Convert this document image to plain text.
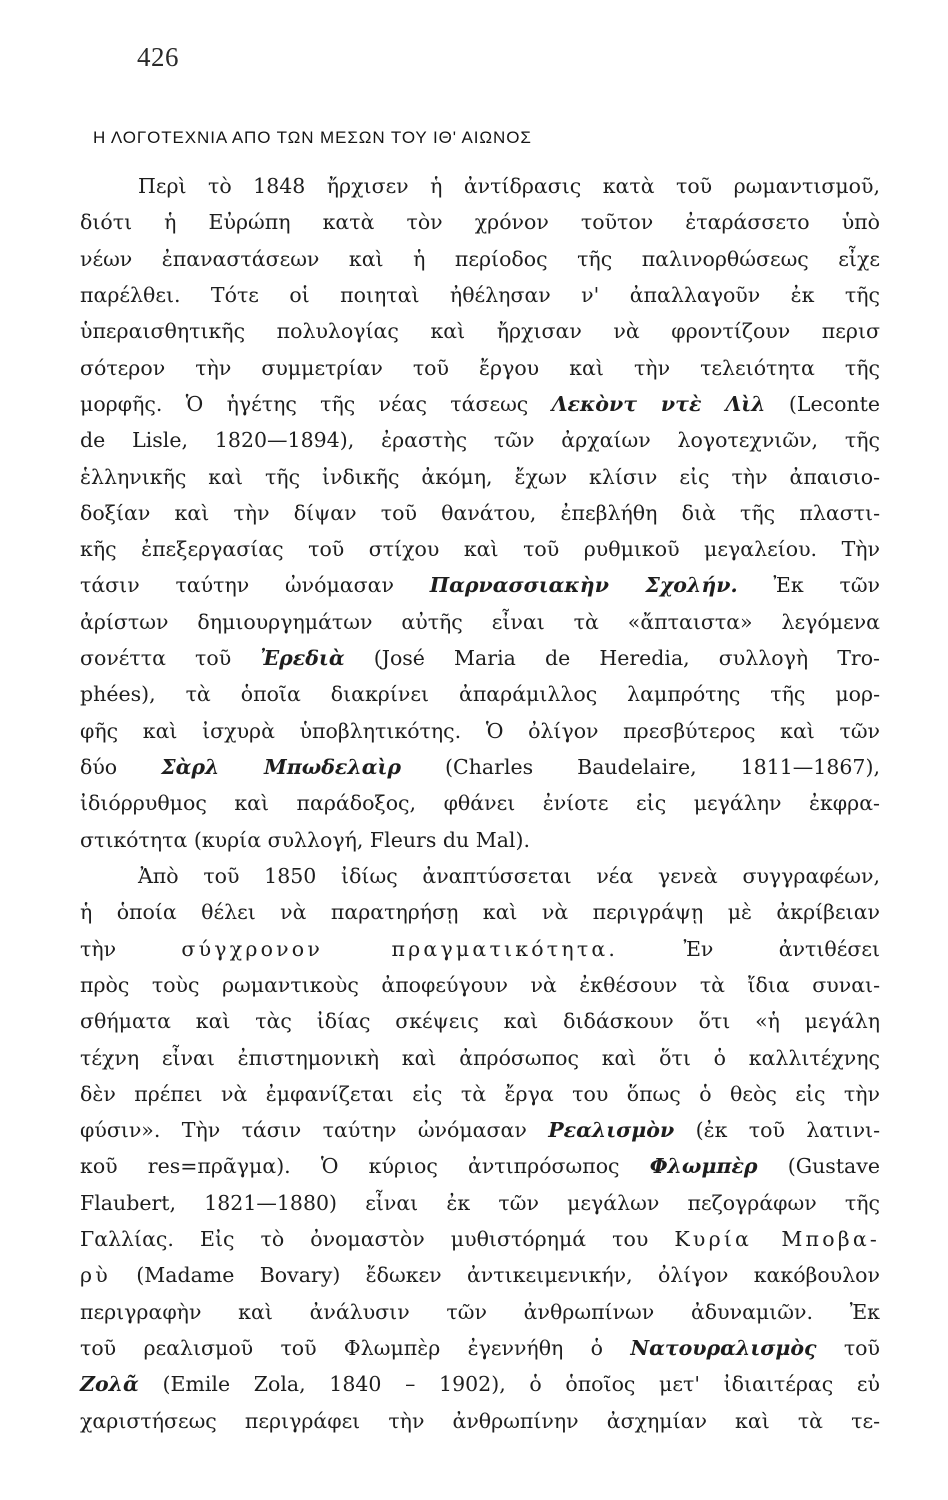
426
Η ΛΟΓΟΤΕΧΝΙΑ ΑΠΟ ΤΩΝ ΜΕΣΩΝ ΤΟΥ ΙΘ' ΑΙΩΝΟΣ
Περὶ τὸ 1848 ἤρχισεν ἡ ἀντίδρασις κατὰ τοῦ ρωμαντισμοῦ,
διότι ἡ Εὐρώπη κατὰ τὸν χρόνον τοῦτον ἐταράσσετο ὑπὸ
νέων ἐπαναστάσεων καὶ ἡ περίοδος τῆς παλινορθώσεως εἶχε
παρέλθει. Τότε οἱ ποιηταὶ ἠθέλησαν ν' ἀπαλλαγοῦν ἐκ τῆς
ὑπεραισθητικῆς πολυλογίας καὶ ἤρχισαν νὰ φροντίζουν περισ
σότερον τὴν συμμετρίαν τοῦ ἔργου καὶ τὴν τελειότητα τῆς
μορφῆς. Ὁ ἡγέτης τῆς νέας τάσεως Λεκὸντ ντὲ Λὶλ (Leconte
de Lisle, 1820—1894), ἐραστὴς τῶν ἀρχαίων λογοτεχνιῶν, τῆς
ἑλληνικῆς καὶ τῆς ἰνδικῆς ἀκόμη, ἔχων κλίσιν εἰς τὴν ἀπαισιο-
δοξίαν καὶ τὴν δίψαν τοῦ θανάτου, ἐπεβλήθη διὰ τῆς πλαστι-
κῆς ἐπεξεργασίας τοῦ στίχου καὶ τοῦ ρυθμικοῦ μεγαλείου. Τὴν
τάσιν ταύτην ὠνόμασαν Παρνασσιακὴν Σχολήν. Ἐκ τῶν
ἀρίστων δημιουργημάτων αὐτῆς εἶναι τὰ «ἄπταιστα» λεγόμενα
σονέττα τοῦ Ἐρεδιὰ (José Maria de Heredia, συλλογὴ Tro-
phées), τὰ ὁποῖα διακρίνει ἀπαράμιλλος λαμπρότης τῆς μορ-
φῆς καὶ ἰσχυρὰ ὑποβλητικότης. Ὁ ὀλίγον πρεσβύτερος καὶ τῶν
δύο Σὰρλ Μπωδελαὶρ (Charles Baudelaire, 1811—1867),
ἰδιόρρυθμος καὶ παράδοξος, φθάνει ἐνίοτε εἰς μεγάλην ἐκφρα-
στικότητα (κυρία συλλογή, Fleurs du Mal).
Ἀπὸ τοῦ 1850 ἰδίως ἀναπτύσσεται νέα γενεὰ συγγραφέων,
ἡ ὁποία θέλει νὰ παρατηρήσῃ καὶ νὰ περιγράψῃ μὲ ἀκρίβειαν
τὴν σύγχρονον πραγματικότητα. Ἐν ἀντιθέσει
πρὸς τοὺς ρωμαντικοὺς ἀποφεύγουν νὰ ἐκθέσουν τὰ ἴδια συναι-
σθήματα καὶ τὰς ἰδίας σκέψεις καὶ διδάσκουν ὅτι «ἡ μεγάλη
τέχνη εἶναι ἐπιστημονικὴ καὶ ἀπρόσωπος καὶ ὅτι ὁ καλλιτέχνης
δὲν πρέπει νὰ ἐμφανίζεται εἰς τὰ ἔργα του ὅπως ὁ θεὸς εἰς τὴν
φύσιν». Τὴν τάσιν ταύτην ὠνόμασαν Ρεαλισμὸν (ἐκ τοῦ λατινι-
κοῦ res=πρᾶγμα). Ὁ κύριος ἀντιπρόσωπος Φλωμπὲρ (Gustave
Flaubert, 1821—1880) εἶναι ἐκ τῶν μεγάλων πεζογράφων τῆς
Γαλλίας. Εἰς τὸ ὀνομαστὸν μυθιστόρημά του Κυρία Μποβα-
ρὺ (Madame Bovary) ἔδωκεν ἀντικειμενικήν, ὀλίγον κακόβουλον
περιγραφὴν καὶ ἀνάλυσιν τῶν ἀνθρωπίνων ἀδυναμιῶν. Ἐκ
τοῦ ρεαλισμοῦ τοῦ Φλωμπὲρ ἐγεννήθη ὁ Νατουραλισμὸς τοῦ
Ζολᾶ (Emile Zola, 1840 – 1902), ὁ ὁποῖος μετ' ἰδιαιτέρας εὐ
χαριστήσεως περιγράφει τὴν ἀνθρωπίνην ἀσχημίαν καὶ τὰ τε-
